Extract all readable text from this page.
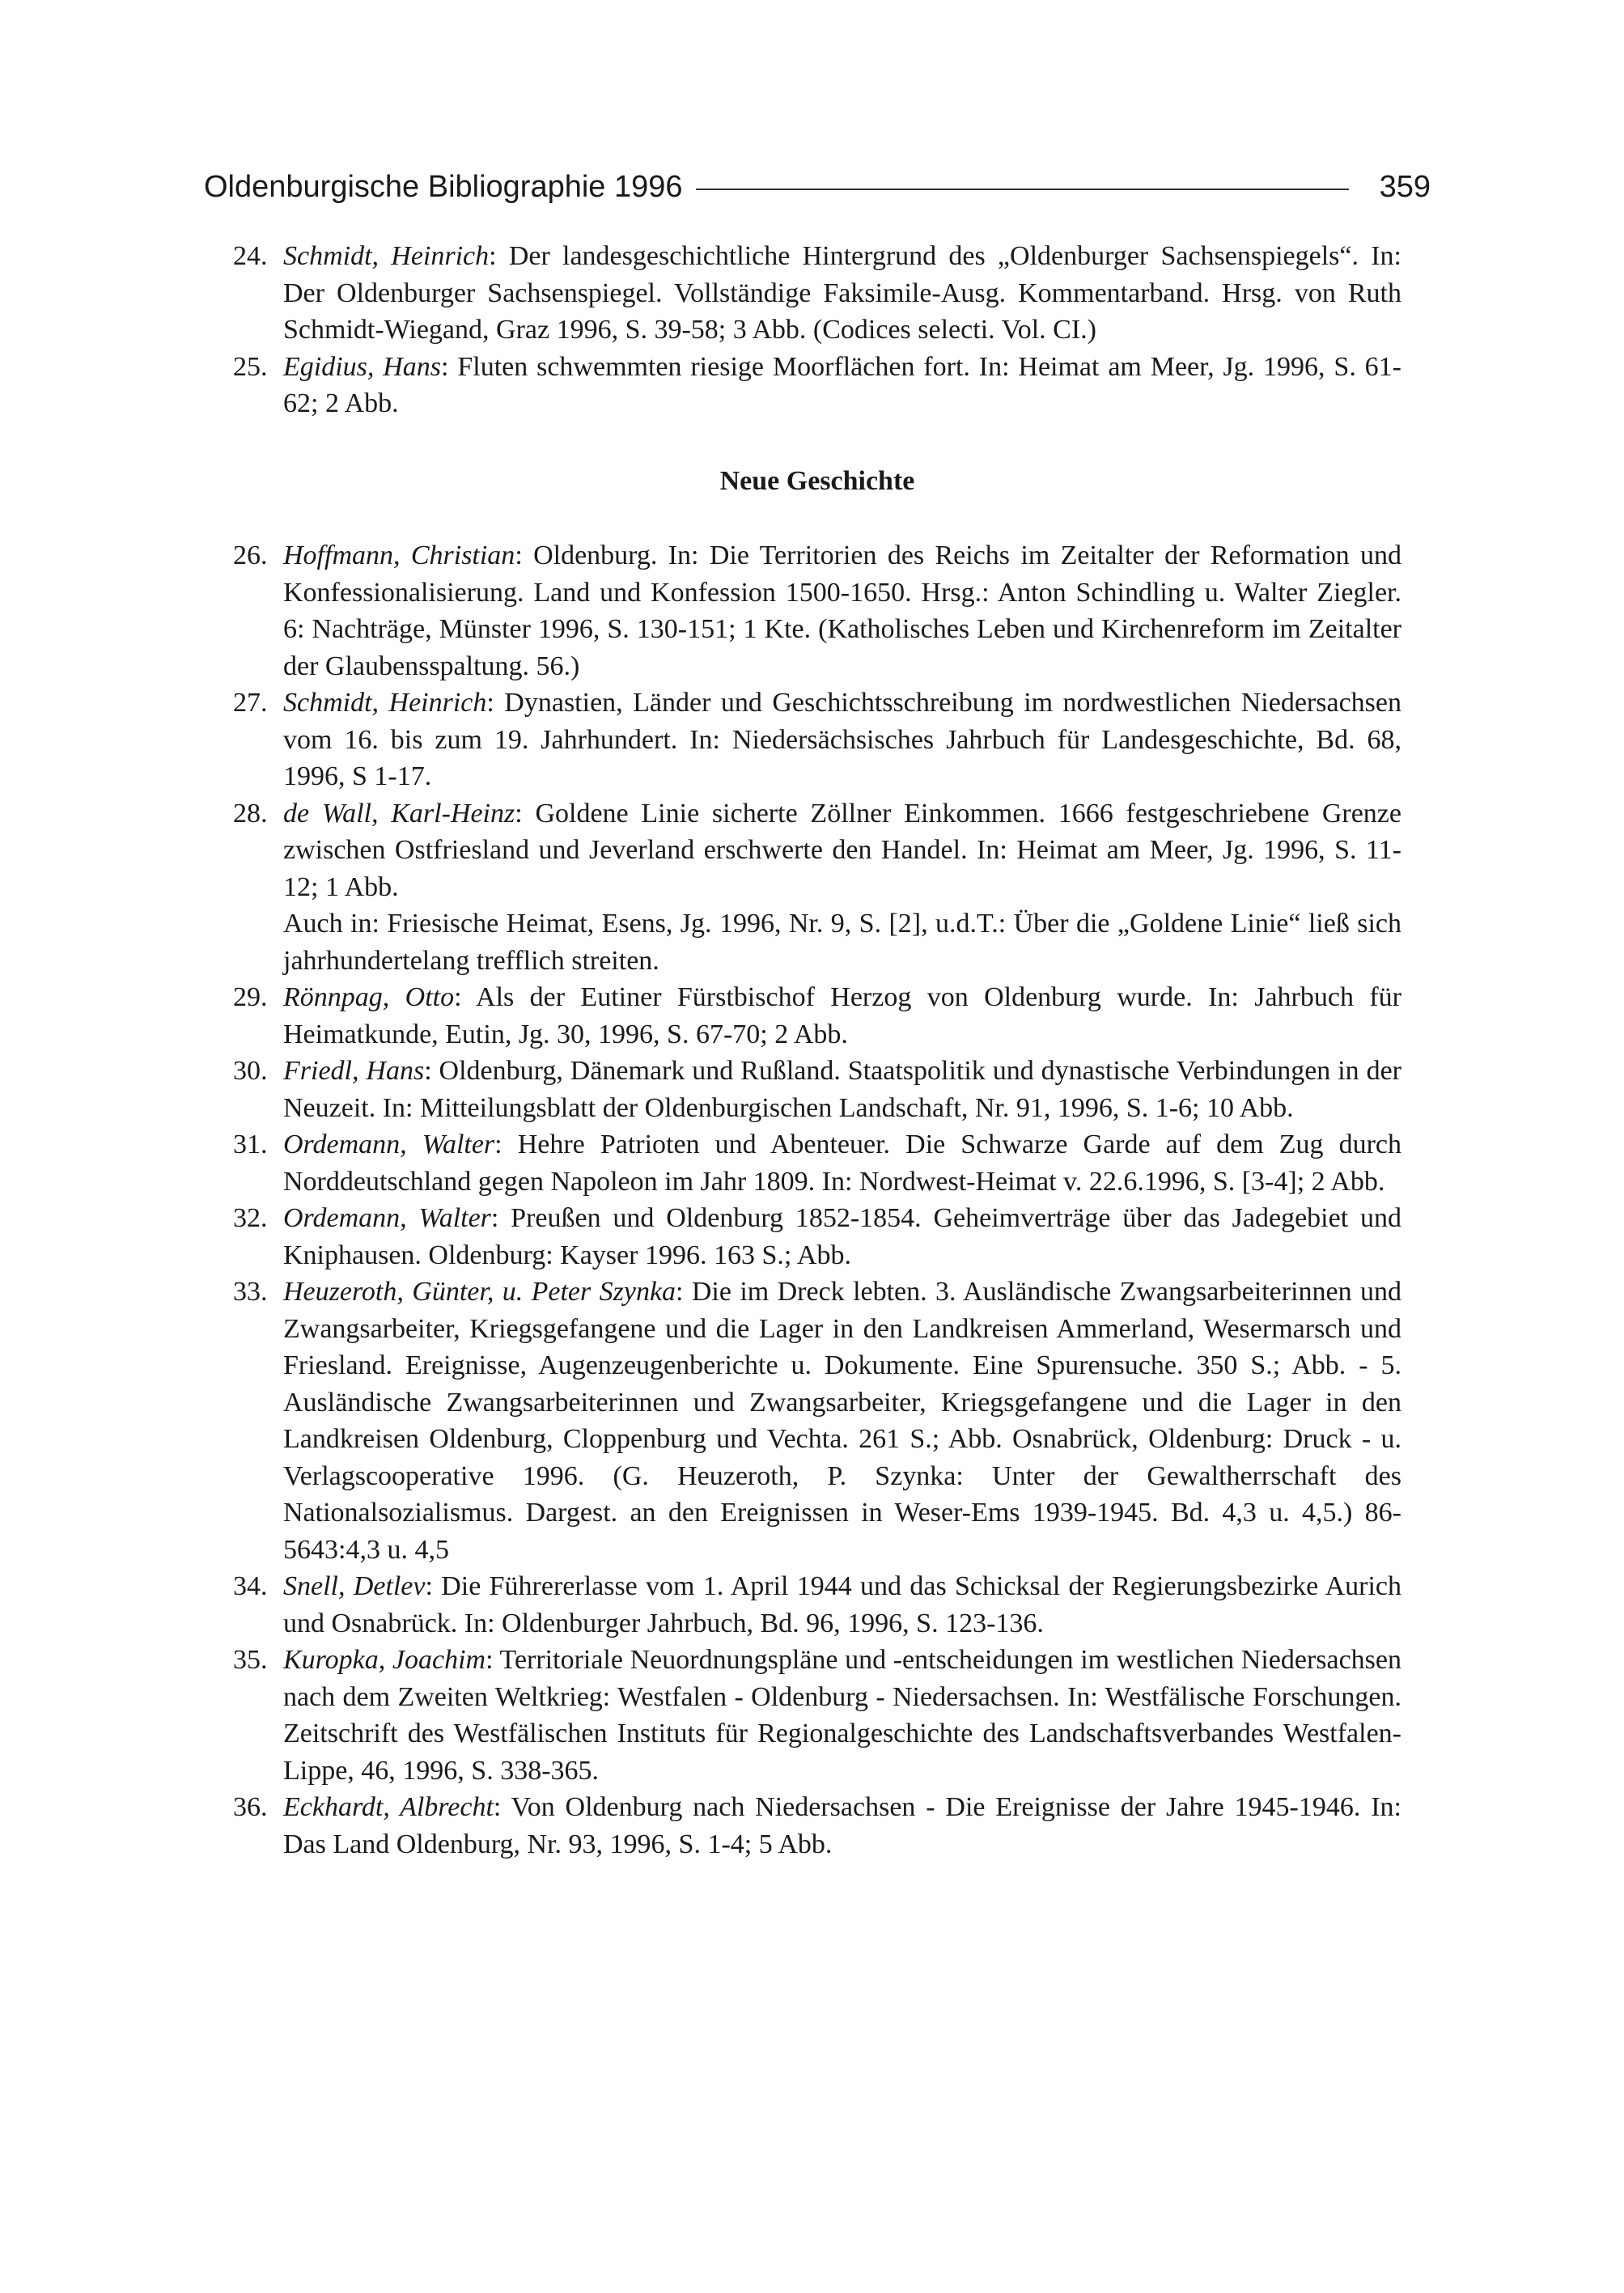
Oldenburgische Bibliographie 1996	359
24. Schmidt, Heinrich: Der landesgeschichtliche Hintergrund des „Oldenburger Sachsenspiegels“. In: Der Oldenburger Sachsenspiegel. Vollständige Faksimile-Ausg. Kommentarband. Hrsg. von Ruth Schmidt-Wiegand, Graz 1996, S. 39-58; 3 Abb. (Codices selecti. Vol. CI.)
25. Egidius, Hans: Fluten schwemmten riesige Moorflächen fort. In: Heimat am Meer, Jg. 1996, S. 61-62; 2 Abb.
Neue Geschichte
26. Hoffmann, Christian: Oldenburg. In: Die Territorien des Reichs im Zeitalter der Reformation und Konfessionalisierung. Land und Konfession 1500-1650. Hrsg.: Anton Schindling u. Walter Ziegler. 6: Nachträge, Münster 1996, S. 130-151; 1 Kte. (Katholisches Leben und Kirchenreform im Zeitalter der Glaubensspaltung. 56.)
27. Schmidt, Heinrich: Dynastien, Länder und Geschichtsschreibung im nordwestlichen Niedersachsen vom 16. bis zum 19. Jahrhundert. In: Niedersächsisches Jahrbuch für Landesgeschichte, Bd. 68, 1996, S 1-17.
28. de Wall, Karl-Heinz: Goldene Linie sicherte Zöllner Einkommen. 1666 festgeschriebene Grenze zwischen Ostfriesland und Jeverland erschwerte den Handel. In: Heimat am Meer, Jg. 1996, S. 11-12; 1 Abb.
Auch in: Friesische Heimat, Esens, Jg. 1996, Nr. 9, S. [2], u.d.T.: Über die „Goldene Linie“ ließ sich jahrhundertelang trefflich streiten.
29. Rönnpag, Otto: Als der Eutiner Fürstbischof Herzog von Oldenburg wurde. In: Jahrbuch für Heimatkunde, Eutin, Jg. 30, 1996, S. 67-70; 2 Abb.
30. Friedl, Hans: Oldenburg, Dänemark und Rußland. Staatspolitik und dynastische Verbindungen in der Neuzeit. In: Mitteilungsblatt der Oldenburgischen Landschaft, Nr. 91, 1996, S. 1-6; 10 Abb.
31. Ordemann, Walter: Hehre Patrioten und Abenteuer. Die Schwarze Garde auf dem Zug durch Norddeutschland gegen Napoleon im Jahr 1809. In: Nordwest-Heimat v. 22.6.1996, S. [3-4]; 2 Abb.
32. Ordemann, Walter: Preußen und Oldenburg 1852-1854. Geheimverträge über das Jadegebiet und Kniphausen. Oldenburg: Kayser 1996. 163 S.; Abb.
33. Heuzeroth, Günter, u. Peter Szynka: Die im Dreck lebten. 3. Ausländische Zwangsarbeiterinnen und Zwangsarbeiter, Kriegsgefangene und die Lager in den Landkreisen Ammerland, Wesermarsch und Friesland. Ereignisse, Augenzeugenberichte u. Dokumente. Eine Spurensuche. 350 S.; Abb. - 5. Ausländische Zwangsarbeiterinnen und Zwangsarbeiter, Kriegsgefangene und die Lager in den Landkreisen Oldenburg, Cloppenburg und Vechta. 261 S.; Abb. Osnabrück, Oldenburg: Druck - u. Verlagscooperative 1996. (G. Heuzeroth, P. Szynka: Unter der Gewaltherrschaft des Nationalsozialismus. Dargest. an den Ereignissen in Weser-Ems 1939-1945. Bd. 4,3 u. 4,5.) 86-5643:4,3 u. 4,5
34. Snell, Detlev: Die Führererlasse vom 1. April 1944 und das Schicksal der Regierungsbezirke Aurich und Osnabrück. In: Oldenburger Jahrbuch, Bd. 96, 1996, S. 123-136.
35. Kuropka, Joachim: Territoriale Neuordnungspläne und -entscheidungen im westlichen Niedersachsen nach dem Zweiten Weltkrieg: Westfalen - Oldenburg - Niedersachsen. In: Westfälische Forschungen. Zeitschrift des Westfälischen Instituts für Regionalgeschichte des Landschaftsverbandes Westfalen-Lippe, 46, 1996, S. 338-365.
36. Eckhardt, Albrecht: Von Oldenburg nach Niedersachsen - Die Ereignisse der Jahre 1945-1946. In: Das Land Oldenburg, Nr. 93, 1996, S. 1-4; 5 Abb.
